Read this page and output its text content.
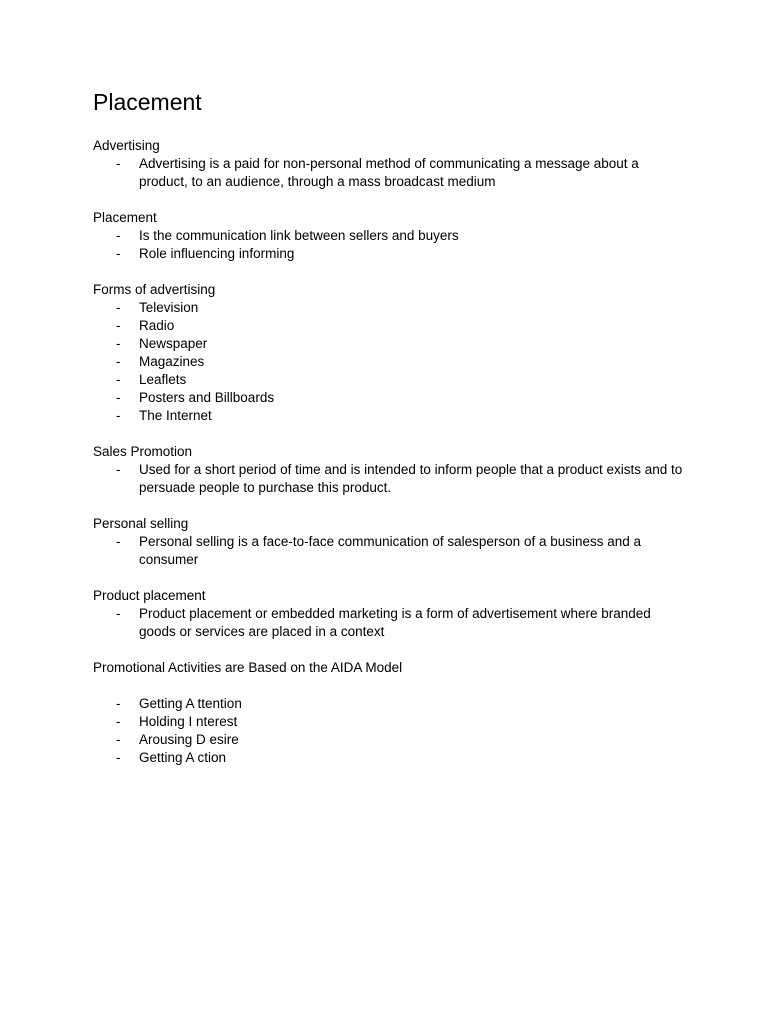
Placement

Advertising

- Advertising is a paid for non-personal method of communicating a message about a product, to an audience, through a mass broadcast medium

Placement

- Is the communication link between sellers and buyers
- Role influencing informing

Forms of advertising

- Television
- Radio
- Newspaper
- Magazines
- Leaflets
- Posters and Billboards
- The Internet

Sales Promotion

- Used for a short period of time and is intended to inform people that a product exists and to persuade people to purchase this product.

Personal selling

- Personal selling is a face-to-face communication of salesperson of a business and a consumer

Product placement

- Product placement or embedded marketing is a form of advertisement where branded goods or services are placed in a context

Promotional Activities are Based on the AIDA Model

- Getting A ttention
- Holding I nterest
- Arousing D esire
- Getting A ction
